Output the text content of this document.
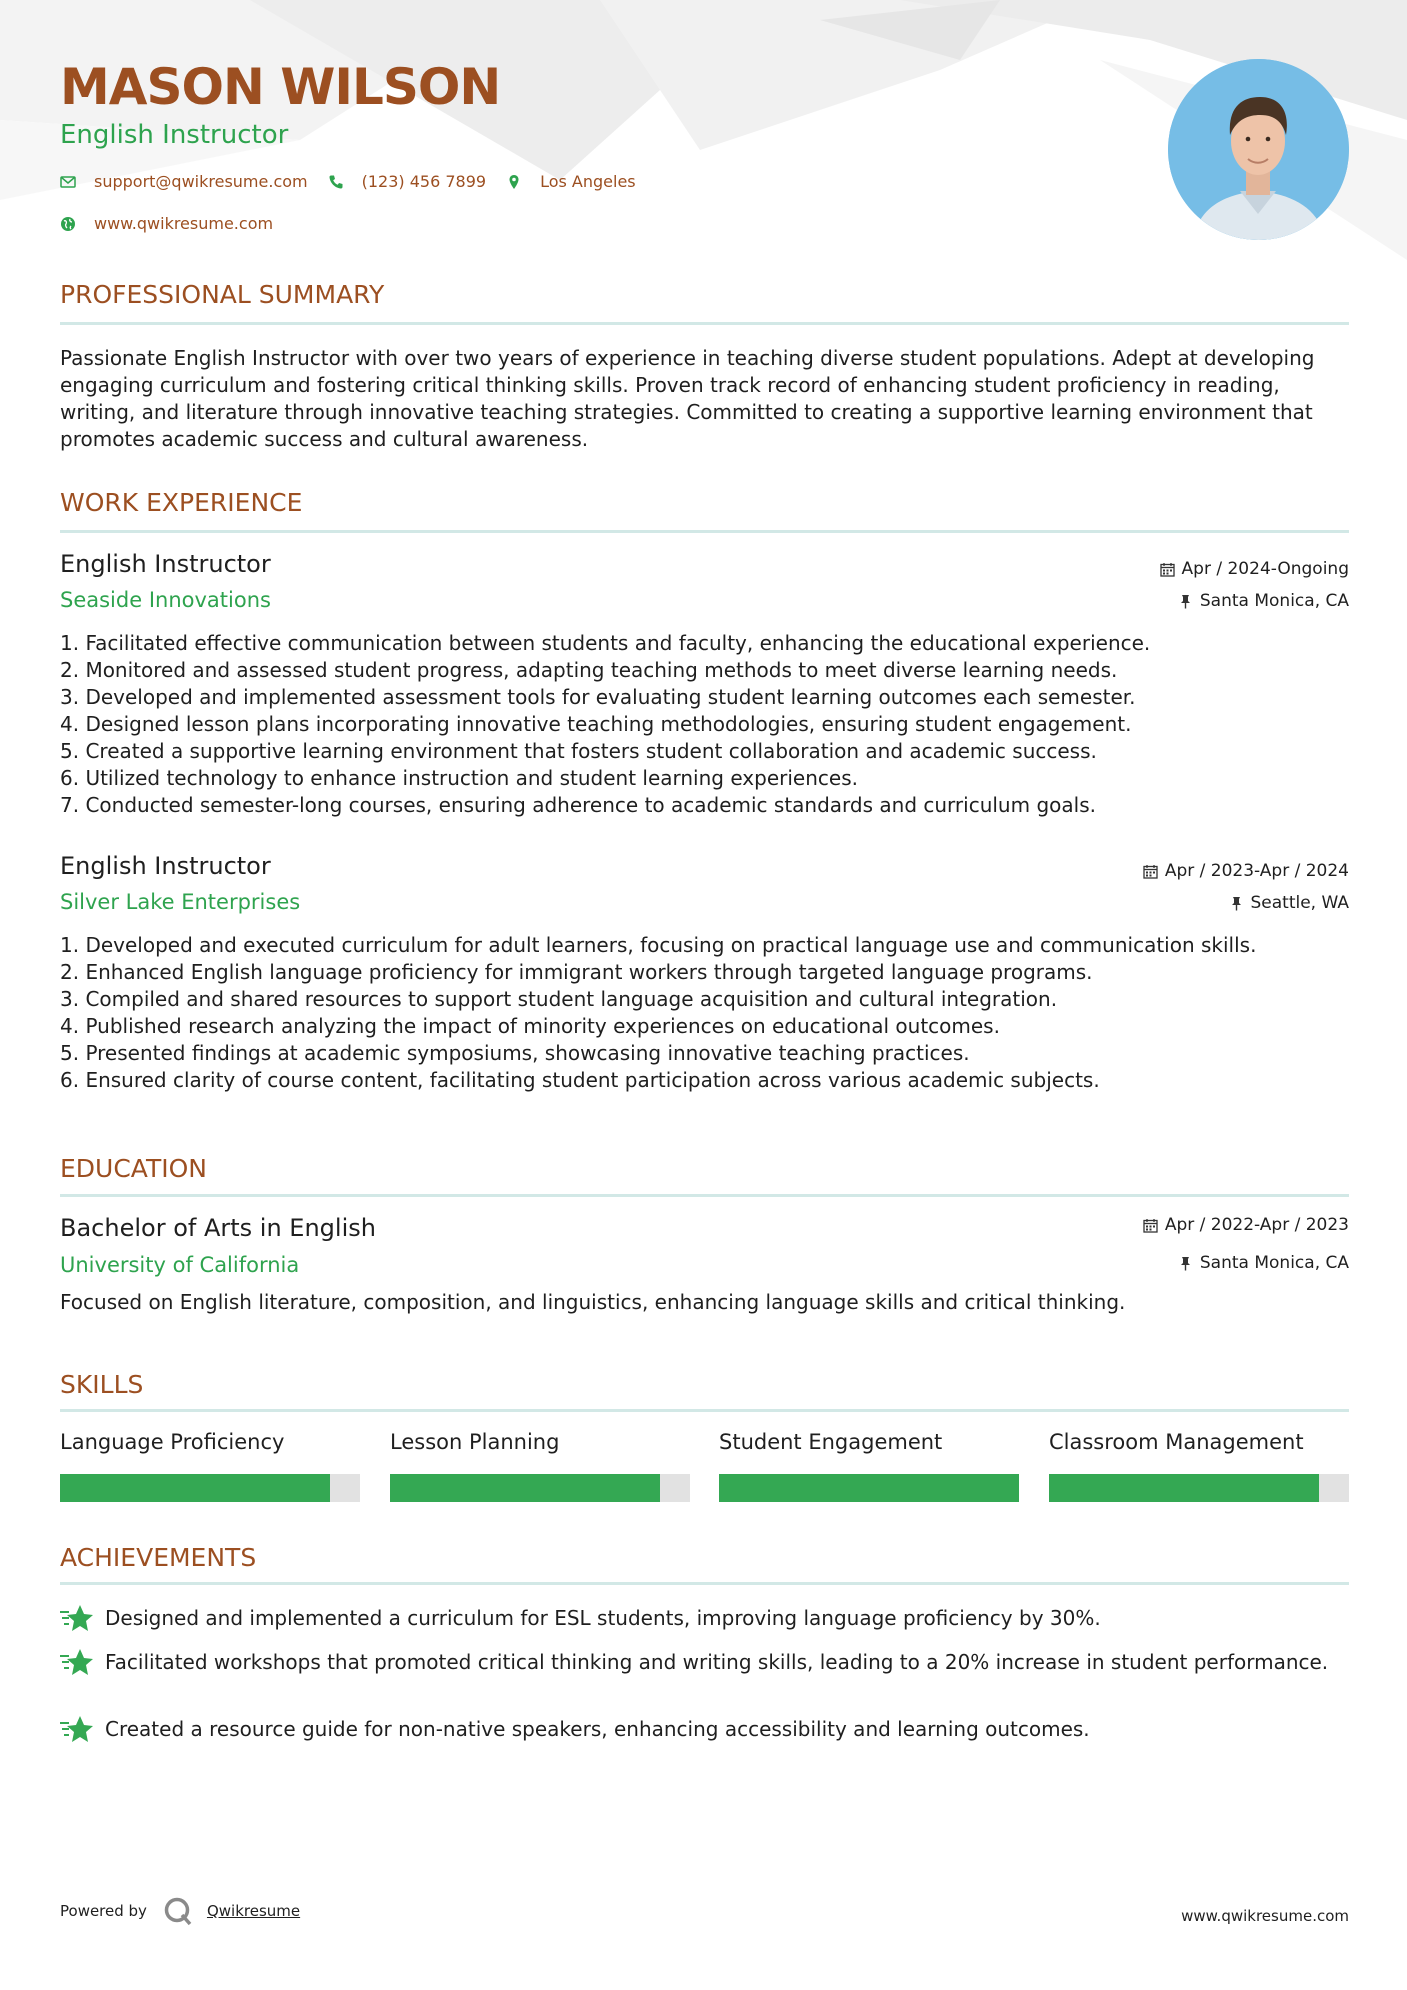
MASON WILSON
English Instructor
support@qwikresume.com	(123) 456 7899	Los Angeles
www.qwikresume.com
PROFESSIONAL SUMMARY
Passionate English Instructor with over two years of experience in teaching diverse student populations. Adept at developing engaging curriculum and fostering critical thinking skills. Proven track record of enhancing student proficiency in reading, writing, and literature through innovative teaching strategies. Committed to creating a supportive learning environment that promotes academic success and cultural awareness.
WORK EXPERIENCE
English Instructor	Apr / 2024-Ongoing
Seaside Innovations	Santa Monica, CA
1. Facilitated effective communication between students and faculty, enhancing the educational experience.
2. Monitored and assessed student progress, adapting teaching methods to meet diverse learning needs.
3. Developed and implemented assessment tools for evaluating student learning outcomes each semester.
4. Designed lesson plans incorporating innovative teaching methodologies, ensuring student engagement.
5. Created a supportive learning environment that fosters student collaboration and academic success.
6. Utilized technology to enhance instruction and student learning experiences.
7. Conducted semester-long courses, ensuring adherence to academic standards and curriculum goals.
English Instructor	Apr / 2023-Apr / 2024
Silver Lake Enterprises	Seattle, WA
1. Developed and executed curriculum for adult learners, focusing on practical language use and communication skills.
2. Enhanced English language proficiency for immigrant workers through targeted language programs.
3. Compiled and shared resources to support student language acquisition and cultural integration.
4. Published research analyzing the impact of minority experiences on educational outcomes.
5. Presented findings at academic symposiums, showcasing innovative teaching practices.
6. Ensured clarity of course content, facilitating student participation across various academic subjects.
EDUCATION
Bachelor of Arts in English	Apr / 2022-Apr / 2023
University of California	Santa Monica, CA
Focused on English literature, composition, and linguistics, enhancing language skills and critical thinking.
SKILLS
Language Proficiency	Lesson Planning	Student Engagement	Classroom Management
ACHIEVEMENTS
Designed and implemented a curriculum for ESL students, improving language proficiency by 30%.
Facilitated workshops that promoted critical thinking and writing skills, leading to a 20% increase in student performance.
Created a resource guide for non-native speakers, enhancing accessibility and learning outcomes.
Powered by	Qwikresume	www.qwikresume.com
